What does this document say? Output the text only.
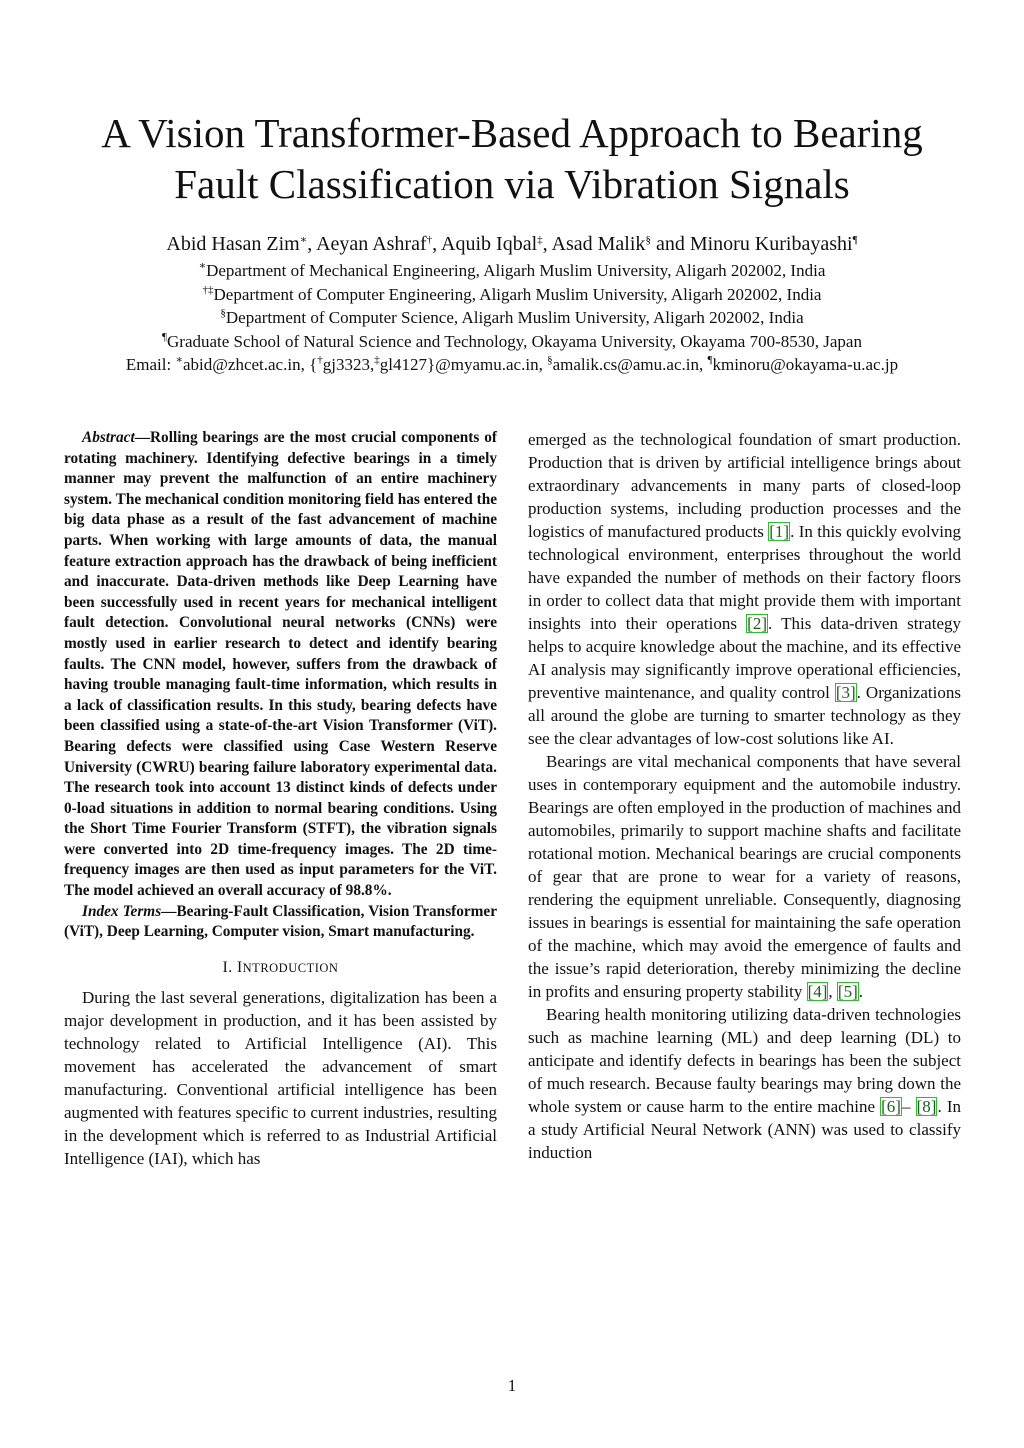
A Vision Transformer-Based Approach to Bearing
Fault Classification via Vibration Signals
Abid Hasan Zim∗, Aeyan Ashraf†, Aquib Iqbal‡, Asad Malik§ and Minoru Kuribayashi¶
∗Department of Mechanical Engineering, Aligarh Muslim University, Aligarh 202002, India
†‡Department of Computer Engineering, Aligarh Muslim University, Aligarh 202002, India
§Department of Computer Science, Aligarh Muslim University, Aligarh 202002, India
¶Graduate School of Natural Science and Technology, Okayama University, Okayama 700-8530, Japan
Email: ∗abid@zhcet.ac.in, {†gj3323,‡gl4127}@myamu.ac.in, §amalik.cs@amu.ac.in, ¶kminoru@okayama-u.ac.jp

Abstract—Rolling bearings are the most crucial components of rotating machinery. Identifying defective bearings in a timely manner may prevent the malfunction of an entire machinery system. The mechanical condition monitoring field has entered the big data phase as a result of the fast advancement of machine parts. When working with large amounts of data, the manual feature extraction approach has the drawback of being inefficient and inaccurate. Data-driven methods like Deep Learning have been successfully used in recent years for mechanical intelligent fault detection. Convolutional neural networks (CNNs) were mostly used in earlier research to detect and identify bearing faults. The CNN model, however, suffers from the drawback of having trouble managing fault-time information, which results in a lack of classification results. In this study, bearing defects have been classified using a state-of-the-art Vision Transformer (ViT). Bearing defects were classified using Case Western Reserve University (CWRU) bearing failure laboratory experimental data. The research took into account 13 distinct kinds of defects under 0-load situations in addition to normal bearing conditions. Using the Short Time Fourier Transform (STFT), the vibration signals were converted into 2D time-frequency images. The 2D time-frequency images are then used as input parameters for the ViT. The model achieved an overall accuracy of 98.8%.

Index Terms—Bearing-Fault Classification, Vision Transformer (ViT), Deep Learning, Computer vision, Smart manufacturing.

I. INTRODUCTION

During the last several generations, digitalization has been a major development in production, and it has been assisted by technology related to Artificial Intelligence (AI). This movement has accelerated the advancement of smart manufacturing. Conventional artificial intelligence has been augmented with features specific to current industries, resulting in the development which is referred to as Industrial Artificial Intelligence (IAI), which has

emerged as the technological foundation of smart production. Production that is driven by artificial intelligence brings about extraordinary advancements in many parts of closed-loop production systems, including production processes and the logistics of manufactured products [1]. In this quickly evolving technological environment, enterprises throughout the world have expanded the number of methods on their factory floors in order to collect data that might provide them with important insights into their operations [2]. This data-driven strategy helps to acquire knowledge about the machine, and its effective AI analysis may significantly improve operational efficiencies, preventive maintenance, and quality control [3]. Organizations all around the globe are turning to smarter technology as they see the clear advantages of low-cost solutions like AI.

Bearings are vital mechanical components that have several uses in contemporary equipment and the automobile industry. Bearings are often employed in the production of machines and automobiles, primarily to support machine shafts and facilitate rotational motion. Mechanical bearings are crucial components of gear that are prone to wear for a variety of reasons, rendering the equipment unreliable. Consequently, diagnosing issues in bearings is essential for maintaining the safe operation of the machine, which may avoid the emergence of faults and the issue’s rapid deterioration, thereby minimizing the decline in profits and ensuring property stability [4], [5].

Bearing health monitoring utilizing data-driven technologies such as machine learning (ML) and deep learning (DL) to anticipate and identify defects in bearings has been the subject of much research. Because faulty bearings may bring down the whole system or cause harm to the entire machine [6]– [8]. In a study Artificial Neural Network (ANN) was used to classify induction

1
